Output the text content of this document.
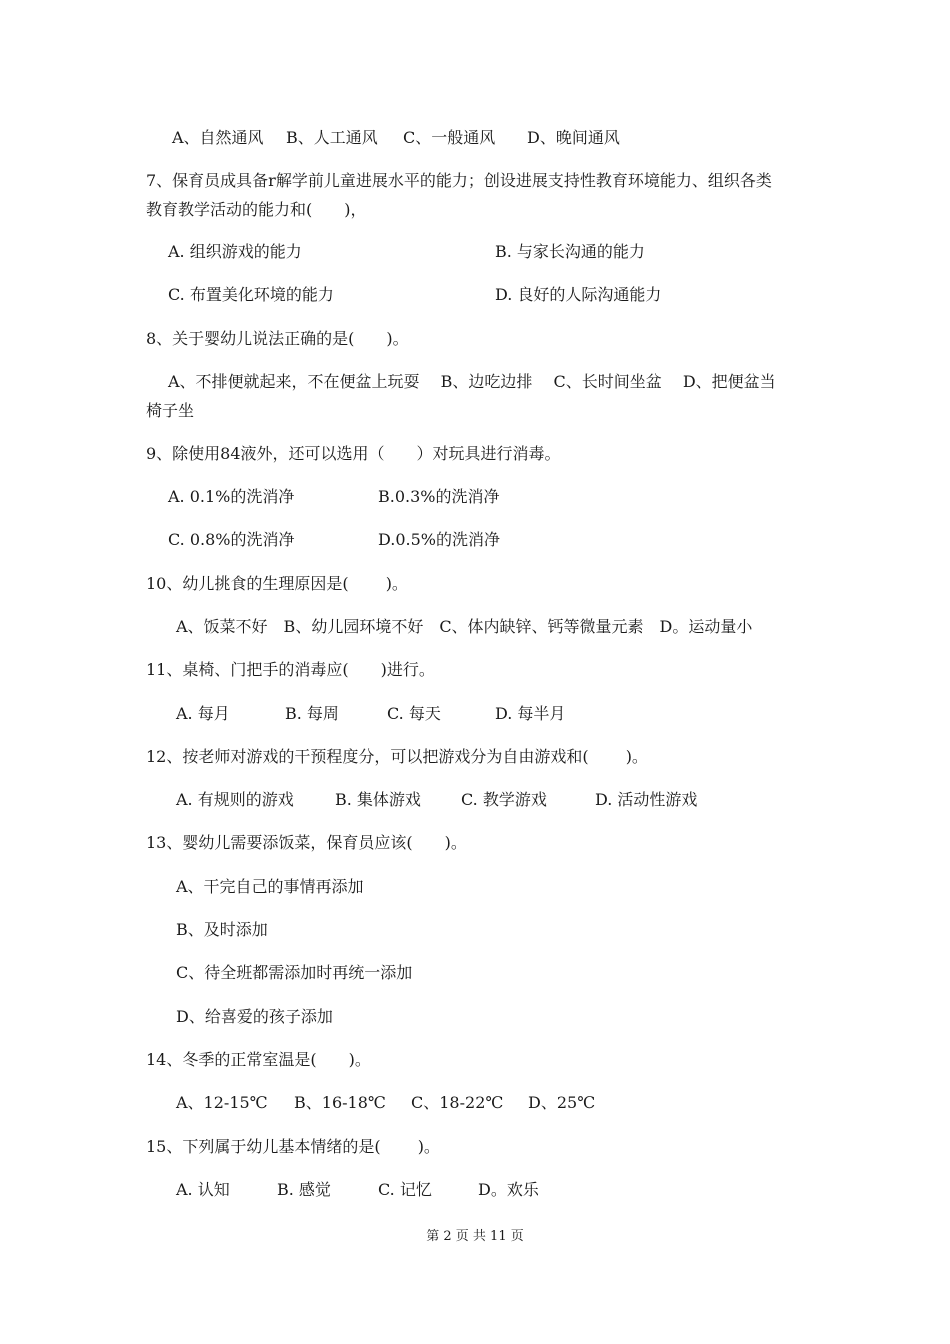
A、自然通风 B、人工通风 C、一般通风 D、晚间通风
7、保育员成具备r解学前儿童进展水平的能力；创设进展支持性教育环境能力、组织各类
教育教学活动的能力和(　　)，
A. 组织游戏的能力	B. 与家长沟通的能力
C. 布置美化环境的能力	D. 良好的人际沟通能力
8、关于婴幼儿说法正确的是(　　)。
A、不排便就起来，不在便盆上玩耍　 B、边吃边排　 C、长时间坐盆　 D、把便盆当
椅子坐
9、除使用84液外，还可以选用（　　）对玩具进行消毒。
A. 0.1%的洗消净	B.0.3%的洗消净
C. 0.8%的洗消净	D.0.5%的洗消净
10、幼儿挑食的生理原因是(　　 )。
A、饭菜不好　B、幼儿园环境不好　C、体内缺锌、钙等微量元素　D。运动量小
11、桌椅、门把手的消毒应(　　)进行。
A. 每月	B. 每周	C. 每天	D. 每半月
12、按老师对游戏的干预程度分，可以把游戏分为自由游戏和(　　 )。
A. 有规则的游戏	B. 集体游戏	C. 教学游戏	D. 活动性游戏
13、婴幼儿需要添饭菜，保育员应该(　　)。
A、干完自己的事情再添加
B、及时添加
C、待全班都需添加时再统一添加
D、给喜爱的孩子添加
14、冬季的正常室温是(　　)。
A、12-15℃ B、16-18℃ C、18-22℃ D、25℃
15、下列属于幼儿基本情绪的是(　　 )。
A. 认知	B. 感觉	C. 记忆	D。欢乐
第 2 页 共 11 页
